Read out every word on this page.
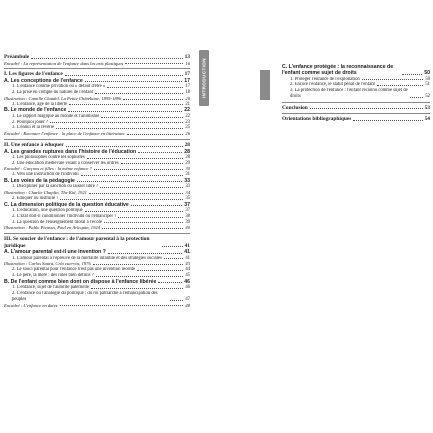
INTRODUCTION
Préambule	13
Encadré : La représentation de l'enfance dans les arts plastiques	16
I. Les figures de l'enfance	17
A. Les conceptions de l'enfance	17
1. L'enfance comme privation ou « défaut d'être »	17
2. La prise en compte du naturel de l'enfant	18
Illustration : Camille Claudel, La Petite Châtelaine, 1895-1896	20
3. L'enfance, âge de la liberté	21
B. Le monde de l'enfance	22
1. Le rapport magique au monde et l'animisme	22
2. Pourquoi jouer ?	23
3. L'ennui et la rêverie	25
Encadré : Raconter l'enfance : la place de l'enfance en littérature	26
II. Une enfance à éduquer	28
A. Les grandes ruptures dans l'histoire de l'éducation	28
1. Les philosophes contre les sophistes	28
2. Une éducation médiévale visant à conserver les ordres	29
Encadré : Garçons et filles : la même enfance ?	30
3. Vers une instruction de l'individu	31
B. Les voies de la pédagogie	33
1. Discipliner par la sanction ou laisser libre ?	33
Illustration : Charlie Chaplin, The Kid, 1921	34
2. Éduquer ou instruire ?	35
C. La dimension politique de la question éducative	37
1. L'éducation, une question politique	37
2. L'État doit-il conditionner l'individu ou l'émanciper ?	38
3. La question de l'enseignement moral à l'école	39
Illustration : Pablo Picasso, Paul en Arlequin, 1924	40
III. Se soucier de l'enfance : de l'amour parental à la protection juridique	41
A. L'amour parental est-il une invention ?	41
1. L'amour parental à l'épreuve de la mortalité infantile et des stratégies sociales	41
Illustration : Carlos Saura, Cría cuervos, 1976	43
2. Le souci parental pour l'enfance n'est pas une invention récente	44
3. Le père, la mère : des rôles bien définis ?	45
B. De l'enfant comme bien dont on dispose à l'enfance libérée	46
1. L'enfance, sujet de l'autorité paternelle	46
2. L'enfance ou l'analogie du politique : du roi patriarche à l'émancipation des peuples	47
Encadré : L'enfance en dates	48
C. L'enfance protégée : la reconnaissance de l'enfant comme sujet de droits	50
1. Protéger l'enfance de l'exploitation	50
2. Encore l'enfance, le statut pénal de l'enfant	51
3. La protection de l'enfance : l'enfant reconnu comme sujet de droits	52
Conclusion	53
Orientations bibliographiques	54
